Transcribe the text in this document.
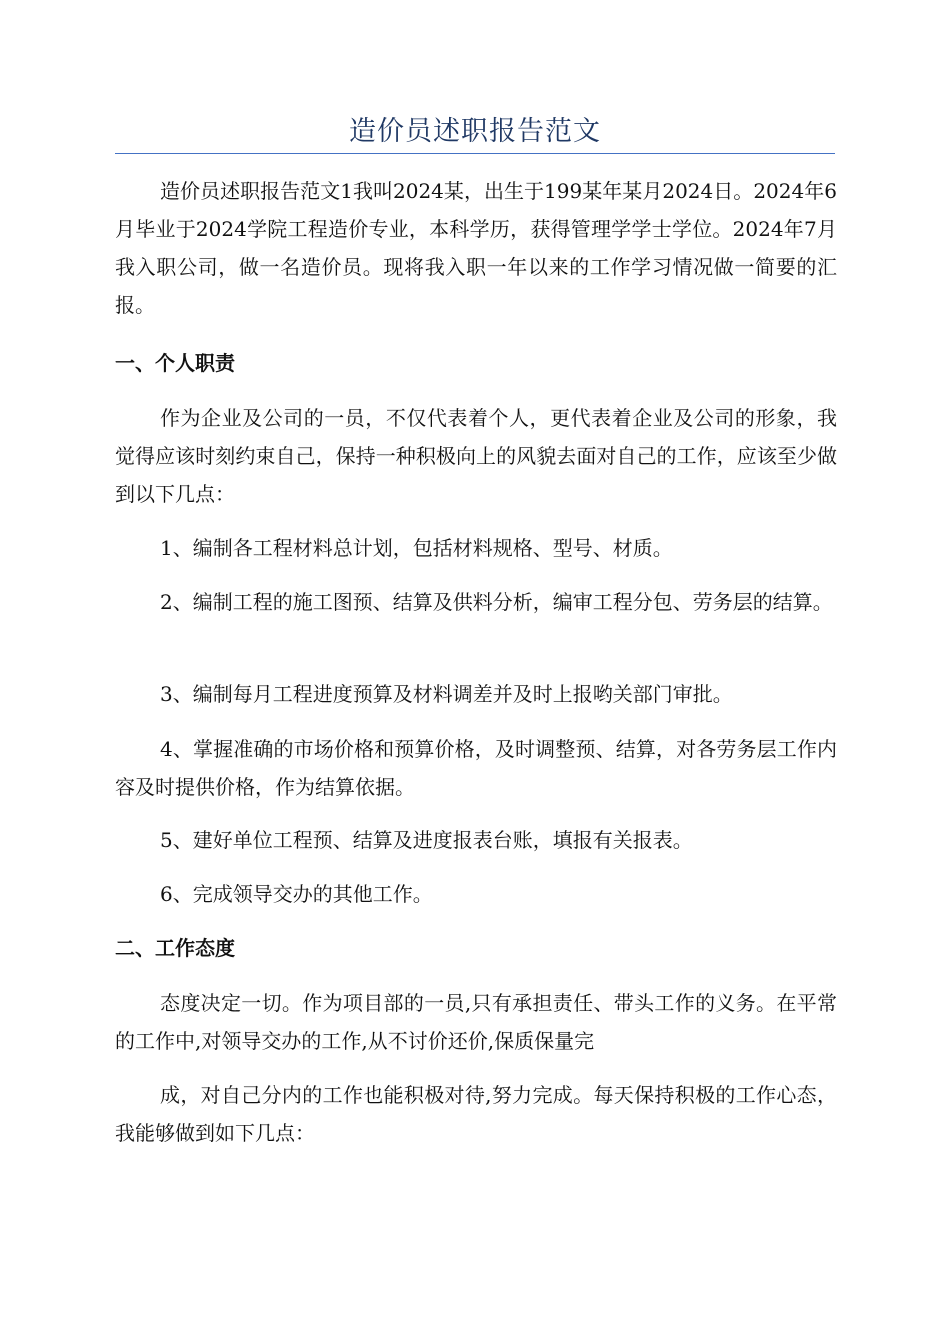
造价员述职报告范文

造价员述职报告范文1我叫2024某，出生于199某年某月2024日。2024年6月毕业于2024学院工程造价专业，本科学历，获得管理学学士学位。2024年7月我入职公司，做一名造价员。现将我入职一年以来的工作学习情况做一简要的汇报。

一、个人职责

作为企业及公司的一员，不仅代表着个人，更代表着企业及公司的形象，我觉得应该时刻约束自己，保持一种积极向上的风貌去面对自己的工作，应该至少做到以下几点：

1、编制各工程材料总计划，包括材料规格、型号、材质。

2、编制工程的施工图预、结算及供料分析，编审工程分包、劳务层的结算。

3、编制每月工程进度预算及材料调差并及时上报哟关部门审批。

4、掌握准确的市场价格和预算价格，及时调整预、结算，对各劳务层工作内容及时提供价格，作为结算依据。

5、建好单位工程预、结算及进度报表台账，填报有关报表。

6、完成领导交办的其他工作。

二、工作态度

态度决定一切。作为项目部的一员,只有承担责任、带头工作的义务。在平常的工作中,对领导交办的工作,从不讨价还价,保质保量完

成，对自己分内的工作也能积极对待,努力完成。每天保持积极的工作心态，我能够做到如下几点：
